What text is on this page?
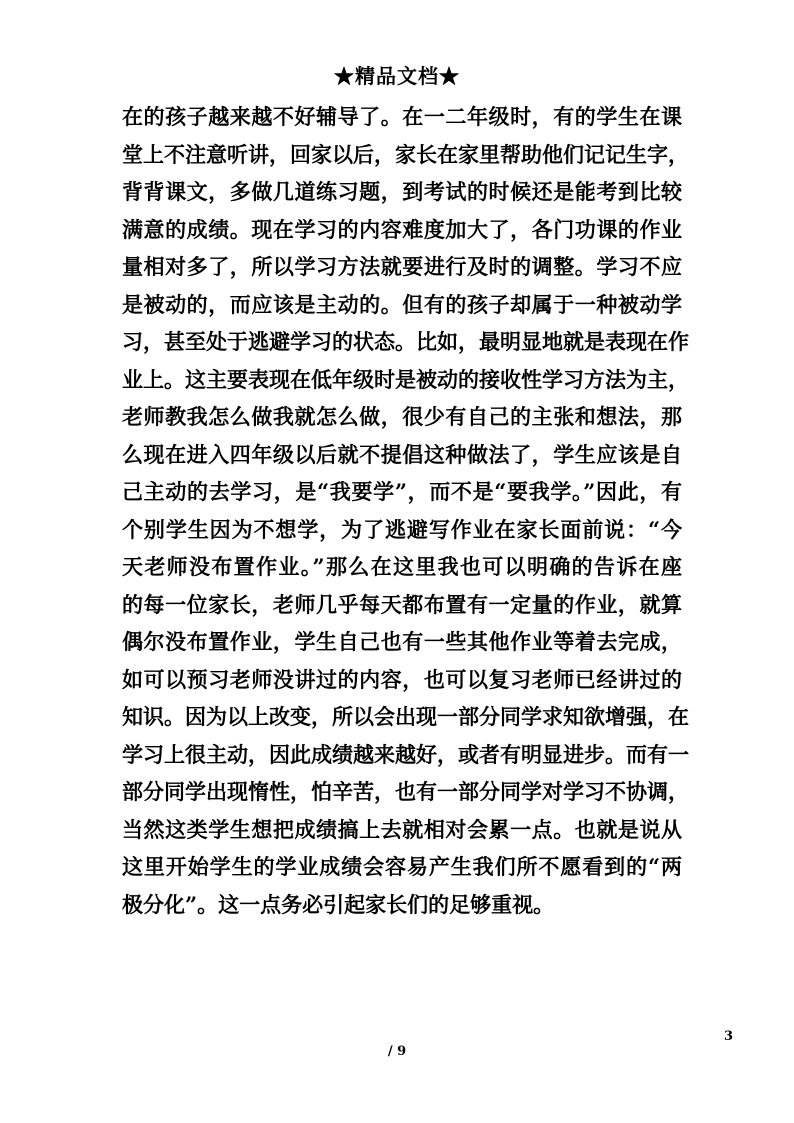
★精品文档★
在的孩子越来越不好辅导了。在一二年级时，有的学生在课
堂上不注意听讲，回家以后，家长在家里帮助他们记记生字，
背背课文，多做几道练习题，到考试的时候还是能考到比较
满意的成绩。现在学习的内容难度加大了，各门功课的作业
量相对多了，所以学习方法就要进行及时的调整。学习不应
是被动的，而应该是主动的。但有的孩子却属于一种被动学
习，甚至处于逃避学习的状态。比如，最明显地就是表现在作
业上。这主要表现在低年级时是被动的接收性学习方法为主，
老师教我怎么做我就怎么做，很少有自己的主张和想法，那
么现在进入四年级以后就不提倡这种做法了，学生应该是自
己主动的去学习，是“我要学”，而不是“要我学。”因此，有
个别学生因为不想学，为了逃避写作业在家长面前说：“今
天老师没布置作业。”那么在这里我也可以明确的告诉在座
的每一位家长，老师几乎每天都布置有一定量的作业，就算
偶尔没布置作业，学生自己也有一些其他作业等着去完成，
如可以预习老师没讲过的内容，也可以复习老师已经讲过的
知识。因为以上改变，所以会出现一部分同学求知欲增强，在
学习上很主动，因此成绩越来越好，或者有明显进步。而有一
部分同学出现惰性，怕辛苦，也有一部分同学对学习不协调，
当然这类学生想把成绩搞上去就相对会累一点。也就是说从
这里开始学生的学业成绩会容易产生我们所不愿看到的“两
极分化”。这一点务必引起家长们的足够重视。
3
/ 9
